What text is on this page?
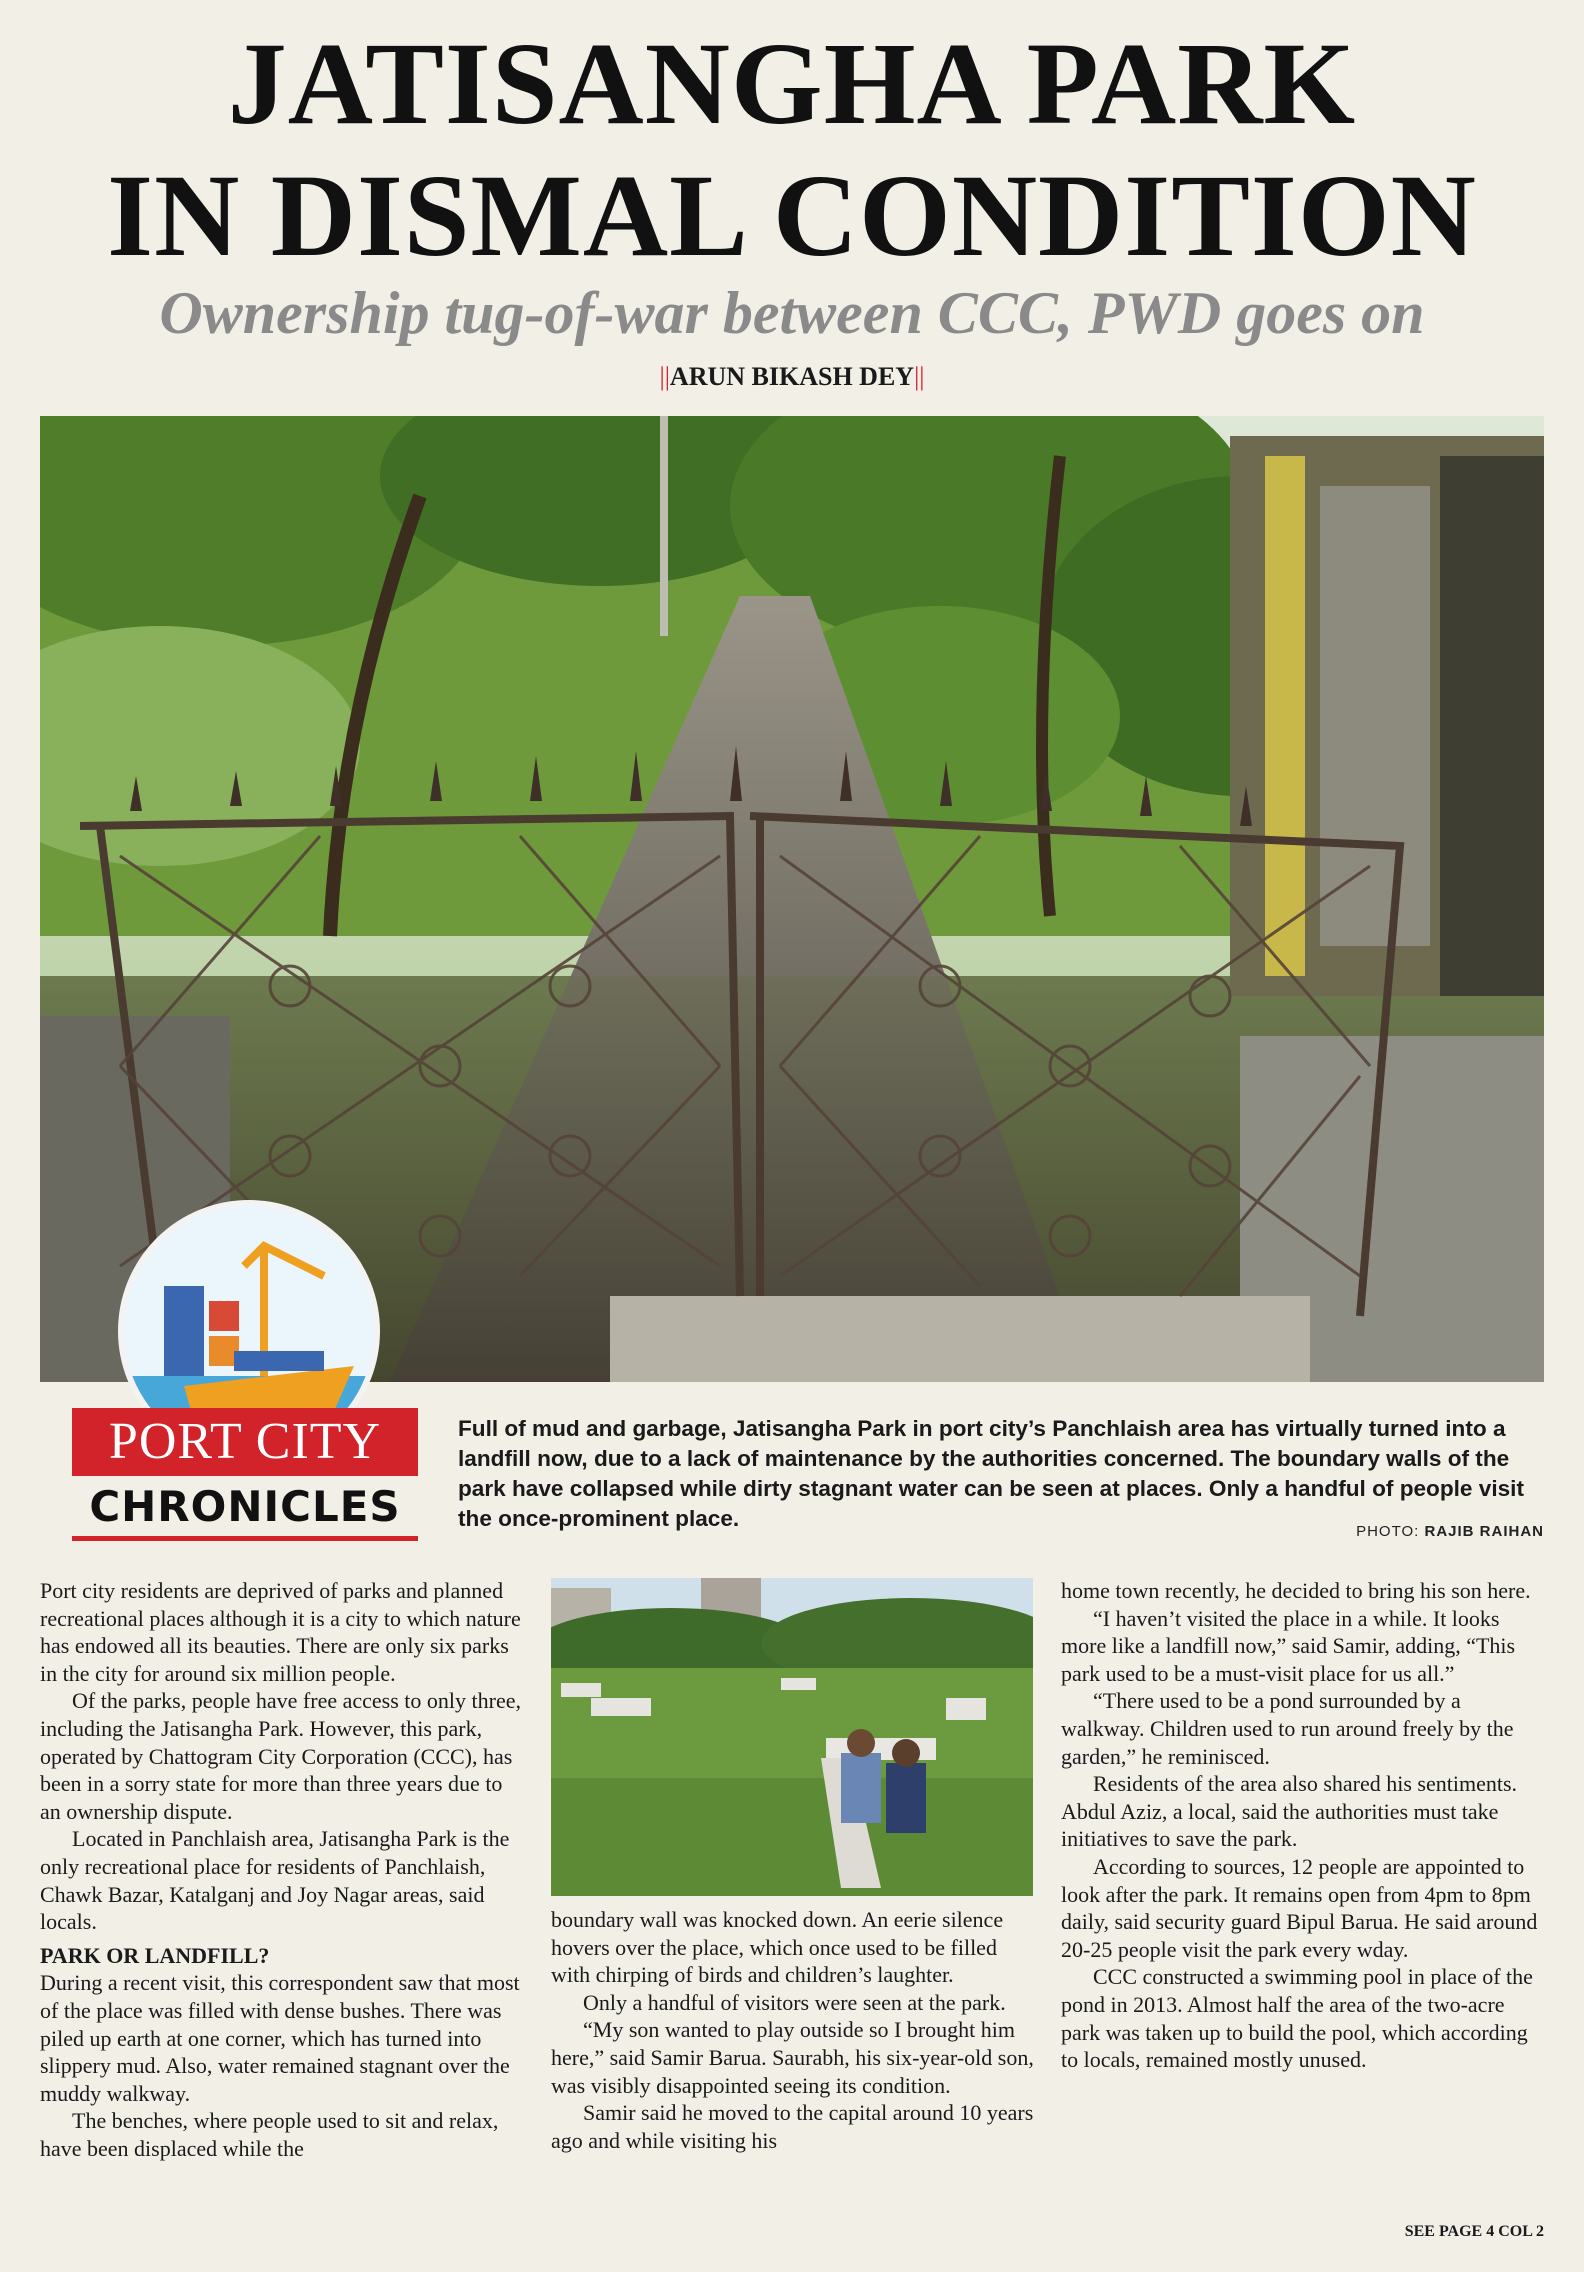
JATISANGHA PARK
IN DISMAL CONDITION
Ownership tug-of-war between CCC, PWD goes on
||ARUN BIKASH DEY||
PORT CITY
CHRONICLES
Full of mud and garbage, Jatisangha Park in port city’s Panchlaish area has virtually turned into a landfill now, due to a lack of maintenance by the authorities concerned. The boundary walls of the park have collapsed while dirty stagnant water can be seen at places. Only a handful of people visit the once-prominent place.
PHOTO: RAJIB RAIHAN

Port city residents are deprived of parks and planned recreational places although it is a city to which nature has endowed all its beauties. There are only six parks in the city for around six million people.

Of the parks, people have free access to only three, including the Jatisangha Park. However, this park, operated by Chattogram City Corporation (CCC), has been in a sorry state for more than three years due to an ownership dispute.

Located in Panchlaish area, Jatisangha Park is the only recreational place for residents of Panchlaish, Chawk Bazar, Katalganj and Joy Nagar areas, said locals.

PARK OR LANDFILL?

During a recent visit, this correspondent saw that most of the place was filled with dense bushes. There was piled up earth at one corner, which has turned into slippery mud. Also, water remained stagnant over the muddy walkway.

The benches, where people used to sit and relax, have been displaced while the

boundary wall was knocked down. An eerie silence hovers over the place, which once used to be filled with chirping of birds and children’s laughter.

Only a handful of visitors were seen at the park.

“My son wanted to play outside so I brought him here,” said Samir Barua. Saurabh, his six-year-old son, was visibly disappointed seeing its condition.

Samir said he moved to the capital around 10 years ago and while visiting his

home town recently, he decided to bring his son here.

“I haven’t visited the place in a while. It looks more like a landfill now,” said Samir, adding, “This park used to be a must-visit place for us all.”

“There used to be a pond surrounded by a walkway. Children used to run around freely by the garden,” he reminisced.

Residents of the area also shared his sentiments. Abdul Aziz, a local, said the authorities must take initiatives to save the park.

According to sources, 12 people are appointed to look after the park. It remains open from 4pm to 8pm daily, said security guard Bipul Barua. He said around 20-25 people visit the park every wday.

CCC constructed a swimming pool in place of the pond in 2013. Almost half the area of the two-acre park was taken up to build the pool, which according to locals, remained mostly unused.

SEE PAGE 4 COL 2
